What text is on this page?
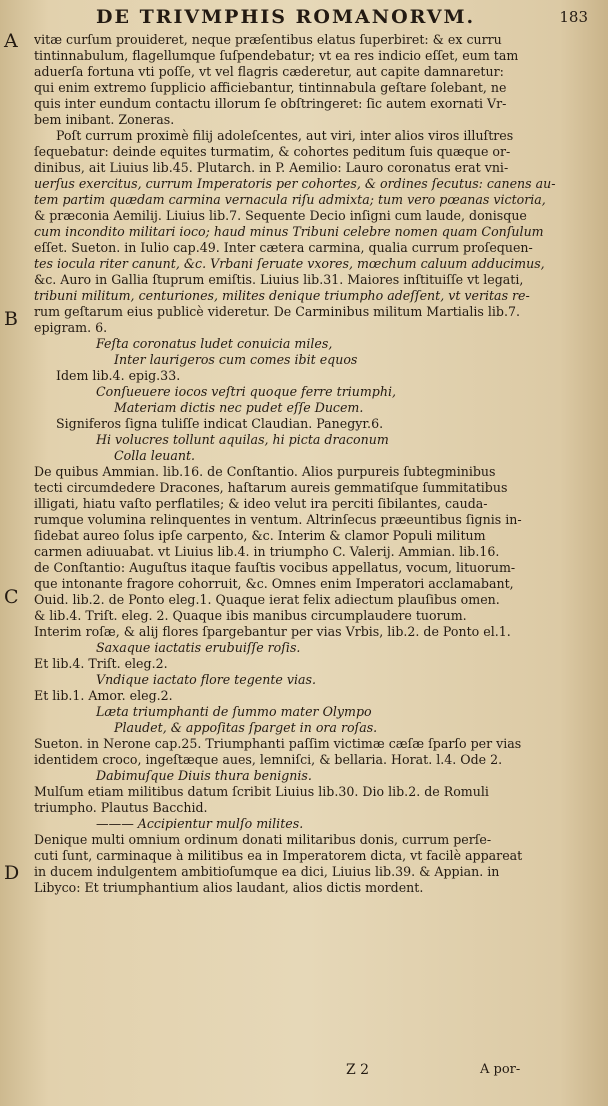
DE TRIVMPHIS ROMANORVM.	183
A
B
C
D
vitæ curſum prouideret, neque præſentibus elatus ſuperbiret: & ex curru
tintinnabulum, flagellumque ſuſpendebatur; vt ea res indicio eſſet, eum tam
aduerſa fortuna vti poſſe, vt vel flagris cæderetur, aut capite damnaretur:
qui enim extremo ſupplicio afficiebantur, tintinnabula geſtare ſolebant, ne
quis inter eundum contactu illorum ſe obſtringeret: ſic autem exornati Vr-
bem inibant. Zoneras.
Poſt currum proximè filij adoleſcentes, aut viri, inter alios viros illuſtres
ſequebatur: deinde equites turmatim, & cohortes peditum ſuis quæque or-
dinibus, ait Liuius lib.45. Plutarch. in P. Aemilio: Lauro coronatus erat vni-
uerſus exercitus, currum Imperatoris per cohortes, & ordines ſecutus: canens au-
tem partim quædam carmina vernacula riſu admixta; tum vero pœanas victoria,
& præconia Aemilij. Liuius lib.7. Sequente Decio inſigni cum laude, donisque
cum incondito militari ioco; haud minus Tribuni celebre nomen quam Conſulum
eſſet. Sueton. in Iulio cap.49. Inter cætera carmina, qualia currum proſequen-
tes iocula riter canunt, &c. Vrbani ſeruate vxores, mœchum caluum adducimus,
&c. Auro in Gallia ſtuprum emiſtis. Liuius lib.31. Maiores inſtituiſſe vt legati,
tribuni militum, centuriones, milites denique triumpho adeſſent, vt veritas re-
rum geſtarum eius publicè videretur. De Carminibus militum Martialis lib.7.
epigram. 6.
Feſta coronatus ludet conuicia miles,
Inter laurigeros cum comes ibit equos
Idem lib.4. epig.33.
Conſueuere iocos veſtri quoque ferre triumphi,
Materiam dictis nec pudet eſſe Ducem.
Signiferos ſigna tuliſſe indicat Claudian. Panegyr.6.
Hi volucres tollunt aquilas, hi picta draconum
Colla leuant.
De quibus Ammian. lib.16. de Conſtantio. Alios purpureis ſubtegminibus
tecti circumdedere Dracones, haſtarum aureis gemmatiſque ſummitatibus
illigati, hiatu vaſto perflatiles; & ideo velut ira perciti ſibilantes, cauda-
rumque volumina relinquentes in ventum. Altrinſecus præeuntibus ſignis in-
ſidebat aureo ſolus ipſe carpento, &c. Interim & clamor Populi militum
carmen adiuuabat. vt Liuius lib.4. in triumpho C. Valerij. Ammian. lib.16.
de Conſtantio: Auguſtus itaque fauſtis vocibus appellatus, vocum, lituorum-
que intonante fragore cohorruit, &c. Omnes enim Imperatori acclamabant,
Ouid. lib.2. de Ponto eleg.1. Quaque ierat felix adiectum plauſibus omen.
& lib.4. Triſt. eleg. 2. Quaque ibis manibus circumplaudere tuorum.
Interim roſæ, & alij flores ſpargebantur per vias Vrbis, lib.2. de Ponto el.1.
Saxaque iactatis erubuiſſe roſis.
Et lib.4. Triſt. eleg.2.
Vndique iactato flore tegente vias.
Et lib.1. Amor. eleg.2.
Læta triumphanti de ſummo mater Olympo
Plaudet, & appoſitas ſparget in ora roſas.
Sueton. in Nerone cap.25. Triumphanti paſſim victimæ cæſæ ſparſo per vias
identidem croco, ingeſtæque aues, lemniſci, & bellaria. Horat. l.4. Ode 2.
Dabimuſque Diuis thura benignis.
Mulſum etiam militibus datum ſcribit Liuius lib.30. Dio lib.2. de Romuli
triumpho. Plautus Bacchid.
——— Accipientur mulſo milites.
Denique multi omnium ordinum donati militaribus donis, currum perſe-
cuti ſunt, carminaque à militibus ea in Imperatorem dicta, vt facilè appareat
in ducem indulgentem ambitioſumque ea dici, Liuius lib.39. & Appian. in
Libyco: Et triumphantium alios laudant, alios dictis mordent.
Z 2	A por-
